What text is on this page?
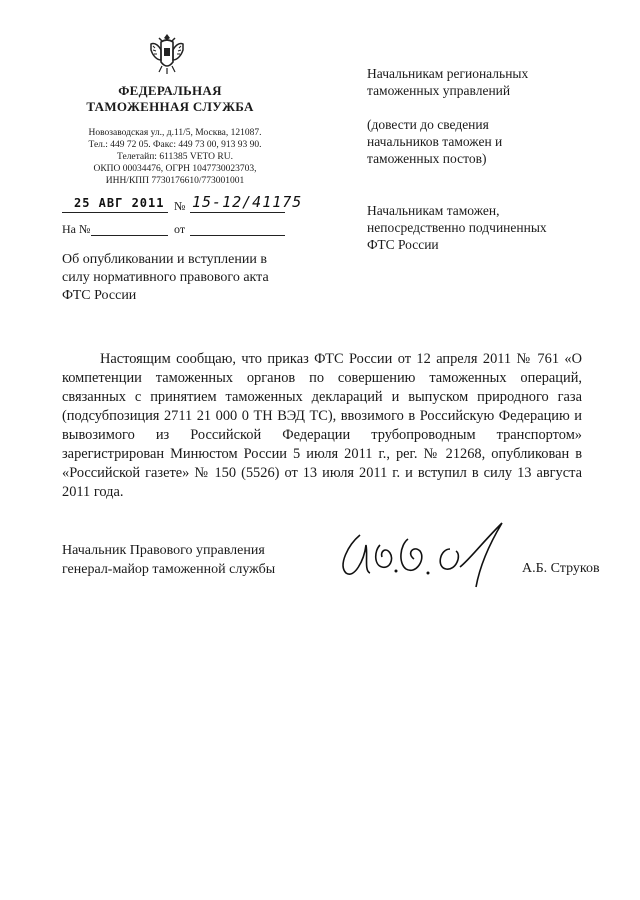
ФЕДЕРАЛЬНАЯ
ТАМОЖЕННАЯ СЛУЖБА
Новозаводская ул., д.11/5, Москва, 121087.
Тел.: 449 72 05. Факс: 449 73 00, 913 93 90.
Телетайп: 611385 VETO RU.
ОКПО 00034476, ОГРН 1047730023703,
ИНН/КПП 7730176610/773001001
25 АВГ 2011 № 15-12/41175
На №	от
Начальникам региональных
таможенных управлений
(довести до сведения
начальников таможен и
таможенных постов)
Начальникам таможен,
непосредственно подчиненных
ФТС России
Об опубликовании и вступлении в
силу нормативного правового акта
ФТС России

Настоящим сообщаю, что приказ ФТС России от 12 апреля 2011 № 761 «О компетенции таможенных органов по совершению таможенных операций, связанных с принятием таможенных деклараций и выпуском природного газа (подсубпозиция 2711 21 000 0 ТН ВЭД ТС), ввозимого в Российскую Федерацию и вывозимого из Российской Федерации трубопроводным транспортом» зарегистрирован Минюстом России 5 июля 2011 г., рег. № 21268, опубликован в «Российской газете» № 150 (5526) от 13 июля 2011 г. и вступил в силу 13 августа 2011 года.

Начальник Правового управления
генерал-майор таможенной службы	А.Б. Струков
